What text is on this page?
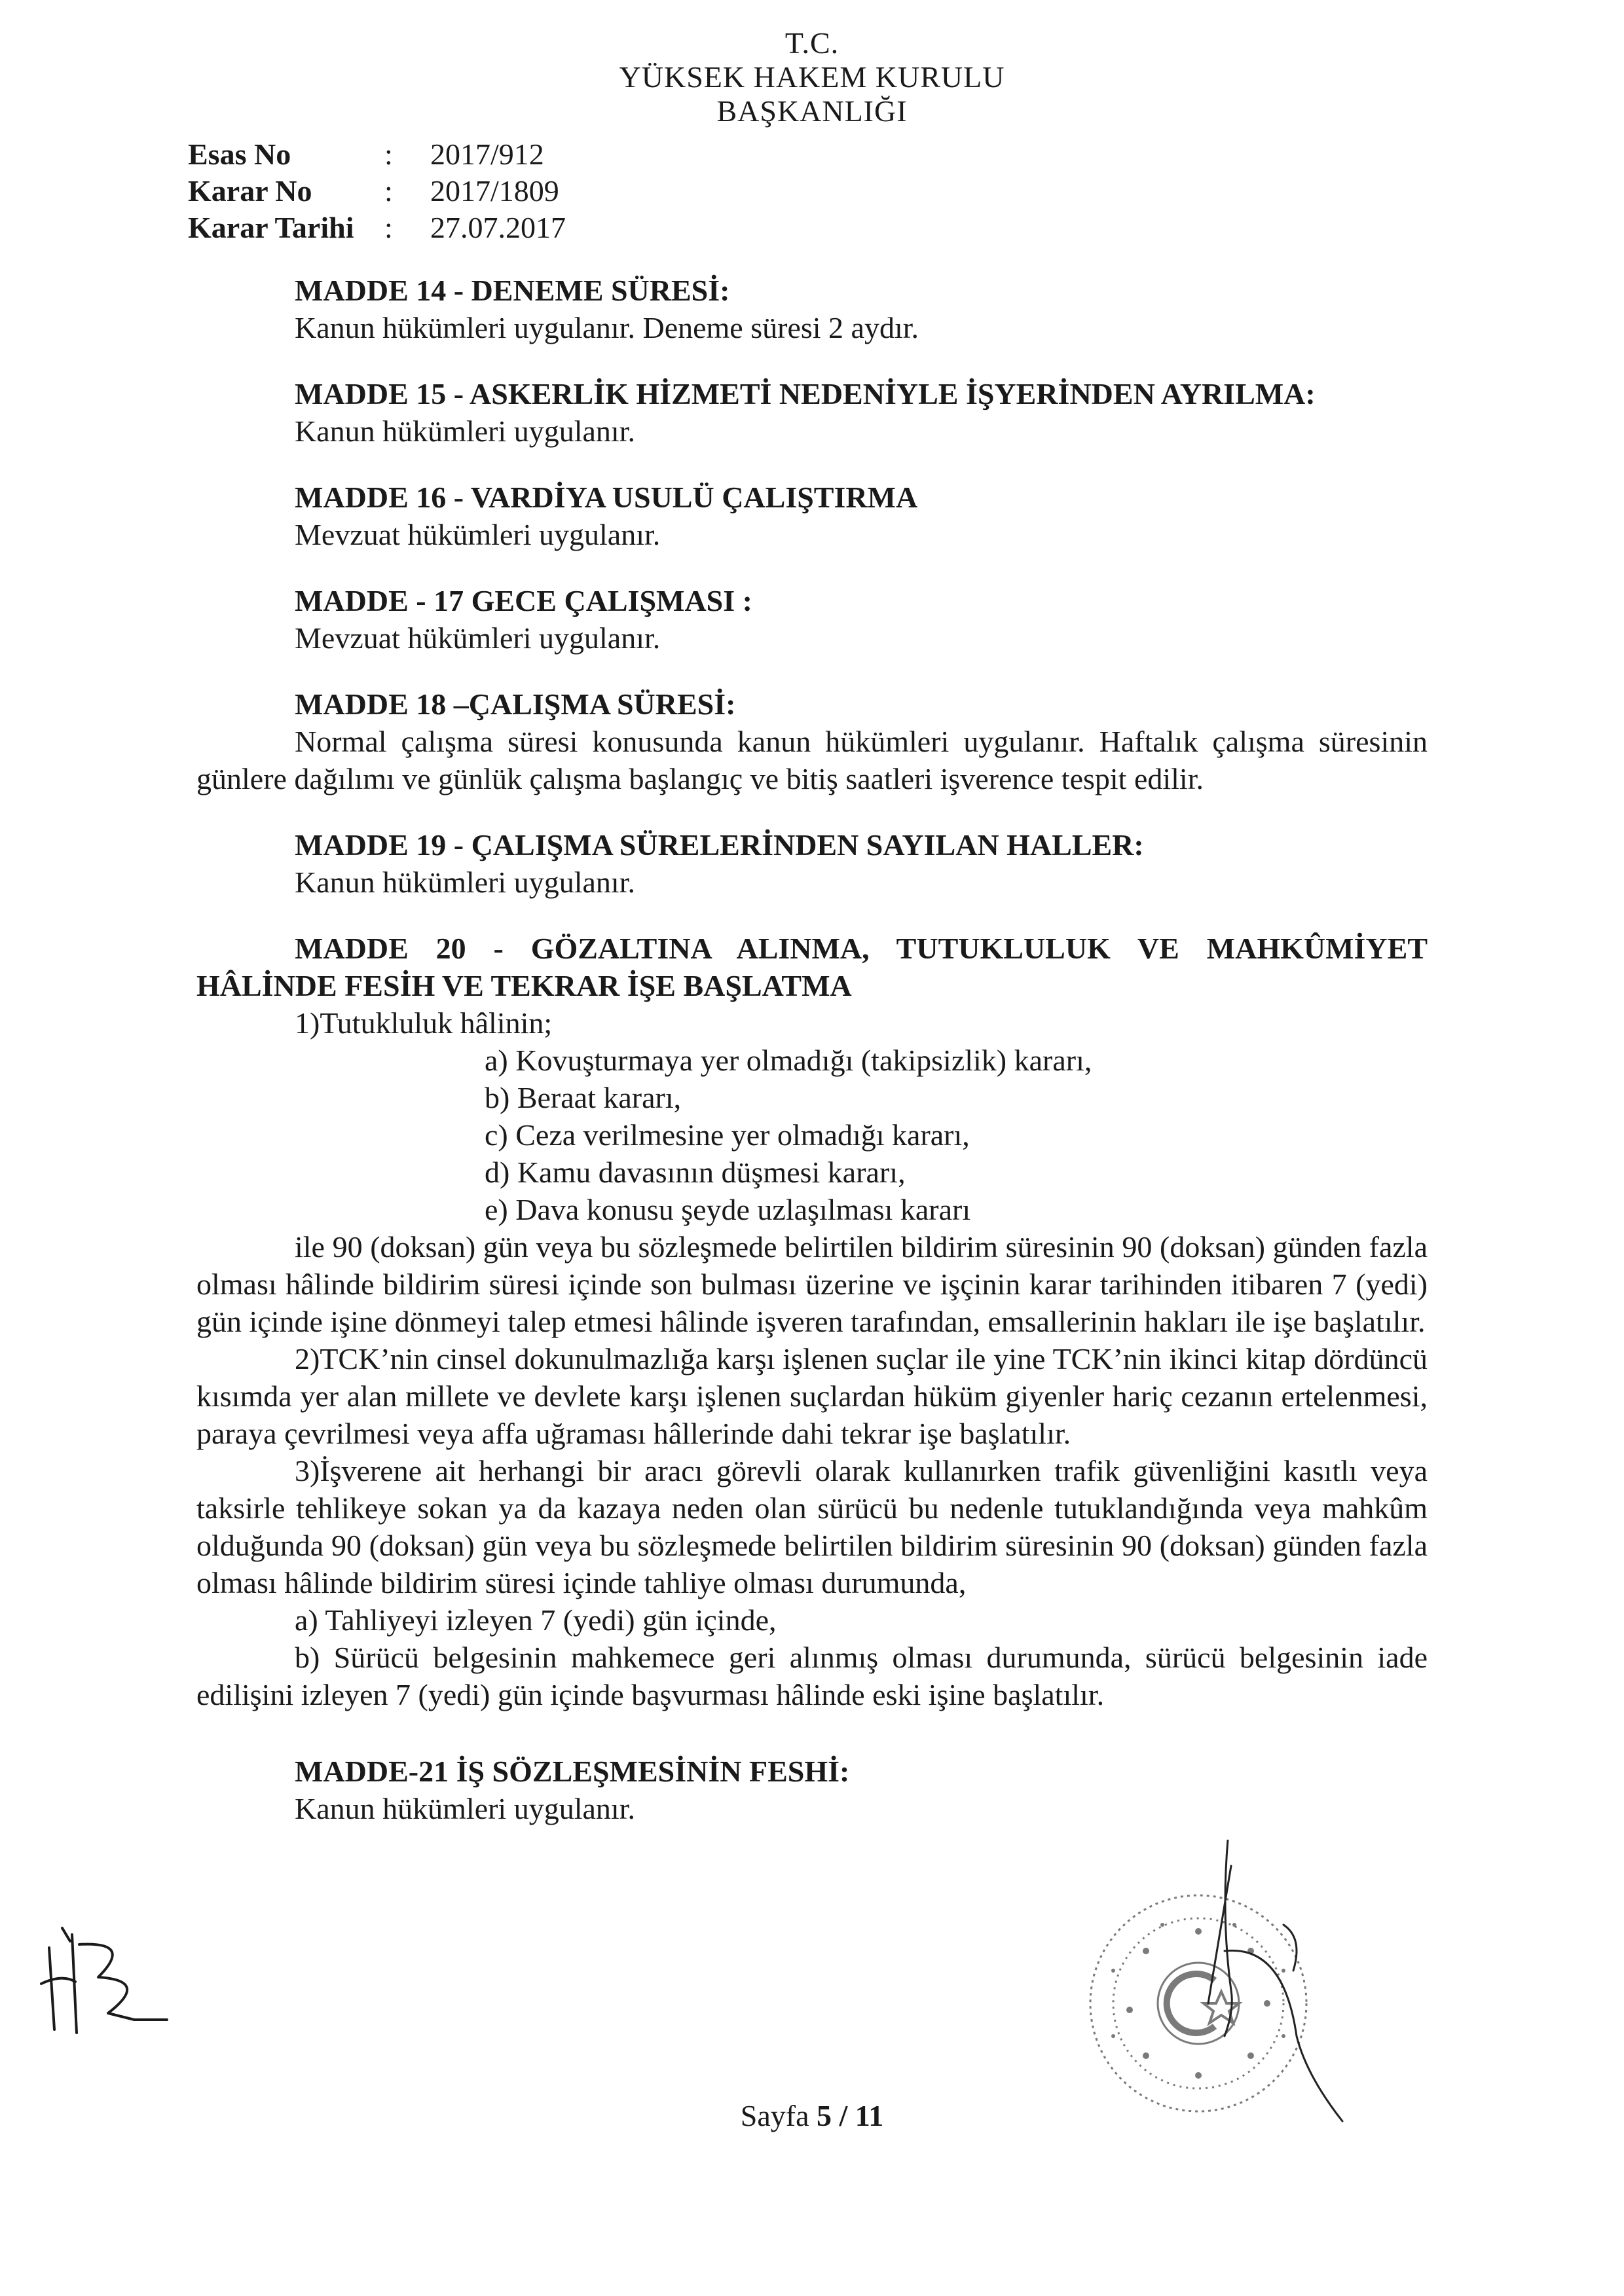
T.C.
YÜKSEK HAKEM KURULU
BAŞKANLIĞI
Esas No	:	2017/912
Karar No	:	2017/1809
Karar Tarihi	:	27.07.2017
MADDE 14 - DENEME SÜRESİ:
Kanun hükümleri uygulanır. Deneme süresi 2 aydır.
MADDE 15 - ASKERLİK HİZMETİ NEDENİYLE İŞYERİNDEN AYRILMA:
Kanun hükümleri uygulanır.
MADDE 16 - VARDİYA USULÜ ÇALIŞTIRMA
Mevzuat hükümleri uygulanır.
MADDE - 17 GECE ÇALIŞMASI :
Mevzuat hükümleri uygulanır.
MADDE 18 –ÇALIŞMA SÜRESİ:
Normal çalışma süresi konusunda kanun hükümleri uygulanır. Haftalık çalışma süresinin günlere dağılımı ve günlük çalışma başlangıç ve bitiş saatleri işverence tespit edilir.
MADDE 19 - ÇALIŞMA SÜRELERİNDEN SAYILAN HALLER:
Kanun hükümleri uygulanır.
MADDE 20 - GÖZALTINA ALINMA, TUTUKLULUK VE MAHKÛMİYET HÂLİNDE FESİH VE TEKRAR İŞE BAŞLATMA
1)Tutukluluk hâlinin;
a) Kovuşturmaya yer olmadığı (takipsizlik) kararı,
b) Beraat kararı,
c) Ceza verilmesine yer olmadığı kararı,
d) Kamu davasının düşmesi kararı,
e) Dava konusu şeyde uzlaşılması kararı
ile 90 (doksan) gün veya bu sözleşmede belirtilen bildirim süresinin 90 (doksan) günden fazla olması hâlinde bildirim süresi içinde son bulması üzerine ve işçinin karar tarihinden itibaren 7 (yedi) gün içinde işine dönmeyi talep etmesi hâlinde işveren tarafından, emsallerinin hakları ile işe başlatılır.
2)TCK’nin cinsel dokunulmazlığa karşı işlenen suçlar ile yine TCK’nin ikinci kitap dördüncü kısımda yer alan millete ve devlete karşı işlenen suçlardan hüküm giyenler hariç cezanın ertelenmesi, paraya çevrilmesi veya affa uğraması hâllerinde dahi tekrar işe başlatılır.
3)İşverene ait herhangi bir aracı görevli olarak kullanırken trafik güvenliğini kasıtlı veya taksirle tehlikeye sokan ya da kazaya neden olan sürücü bu nedenle tutuklandığında veya mahkûm olduğunda 90 (doksan) gün veya bu sözleşmede belirtilen bildirim süresinin 90 (doksan) günden fazla olması hâlinde bildirim süresi içinde tahliye olması durumunda,
a) Tahliyeyi izleyen 7 (yedi) gün içinde,
b) Sürücü belgesinin mahkemece geri alınmış olması durumunda, sürücü belgesinin iade edilişini izleyen 7 (yedi) gün içinde başvurması hâlinde eski işine başlatılır.
MADDE-21 İŞ SÖZLEŞMESİNİN FESHİ:
Kanun hükümleri uygulanır.
Sayfa 5 / 11
